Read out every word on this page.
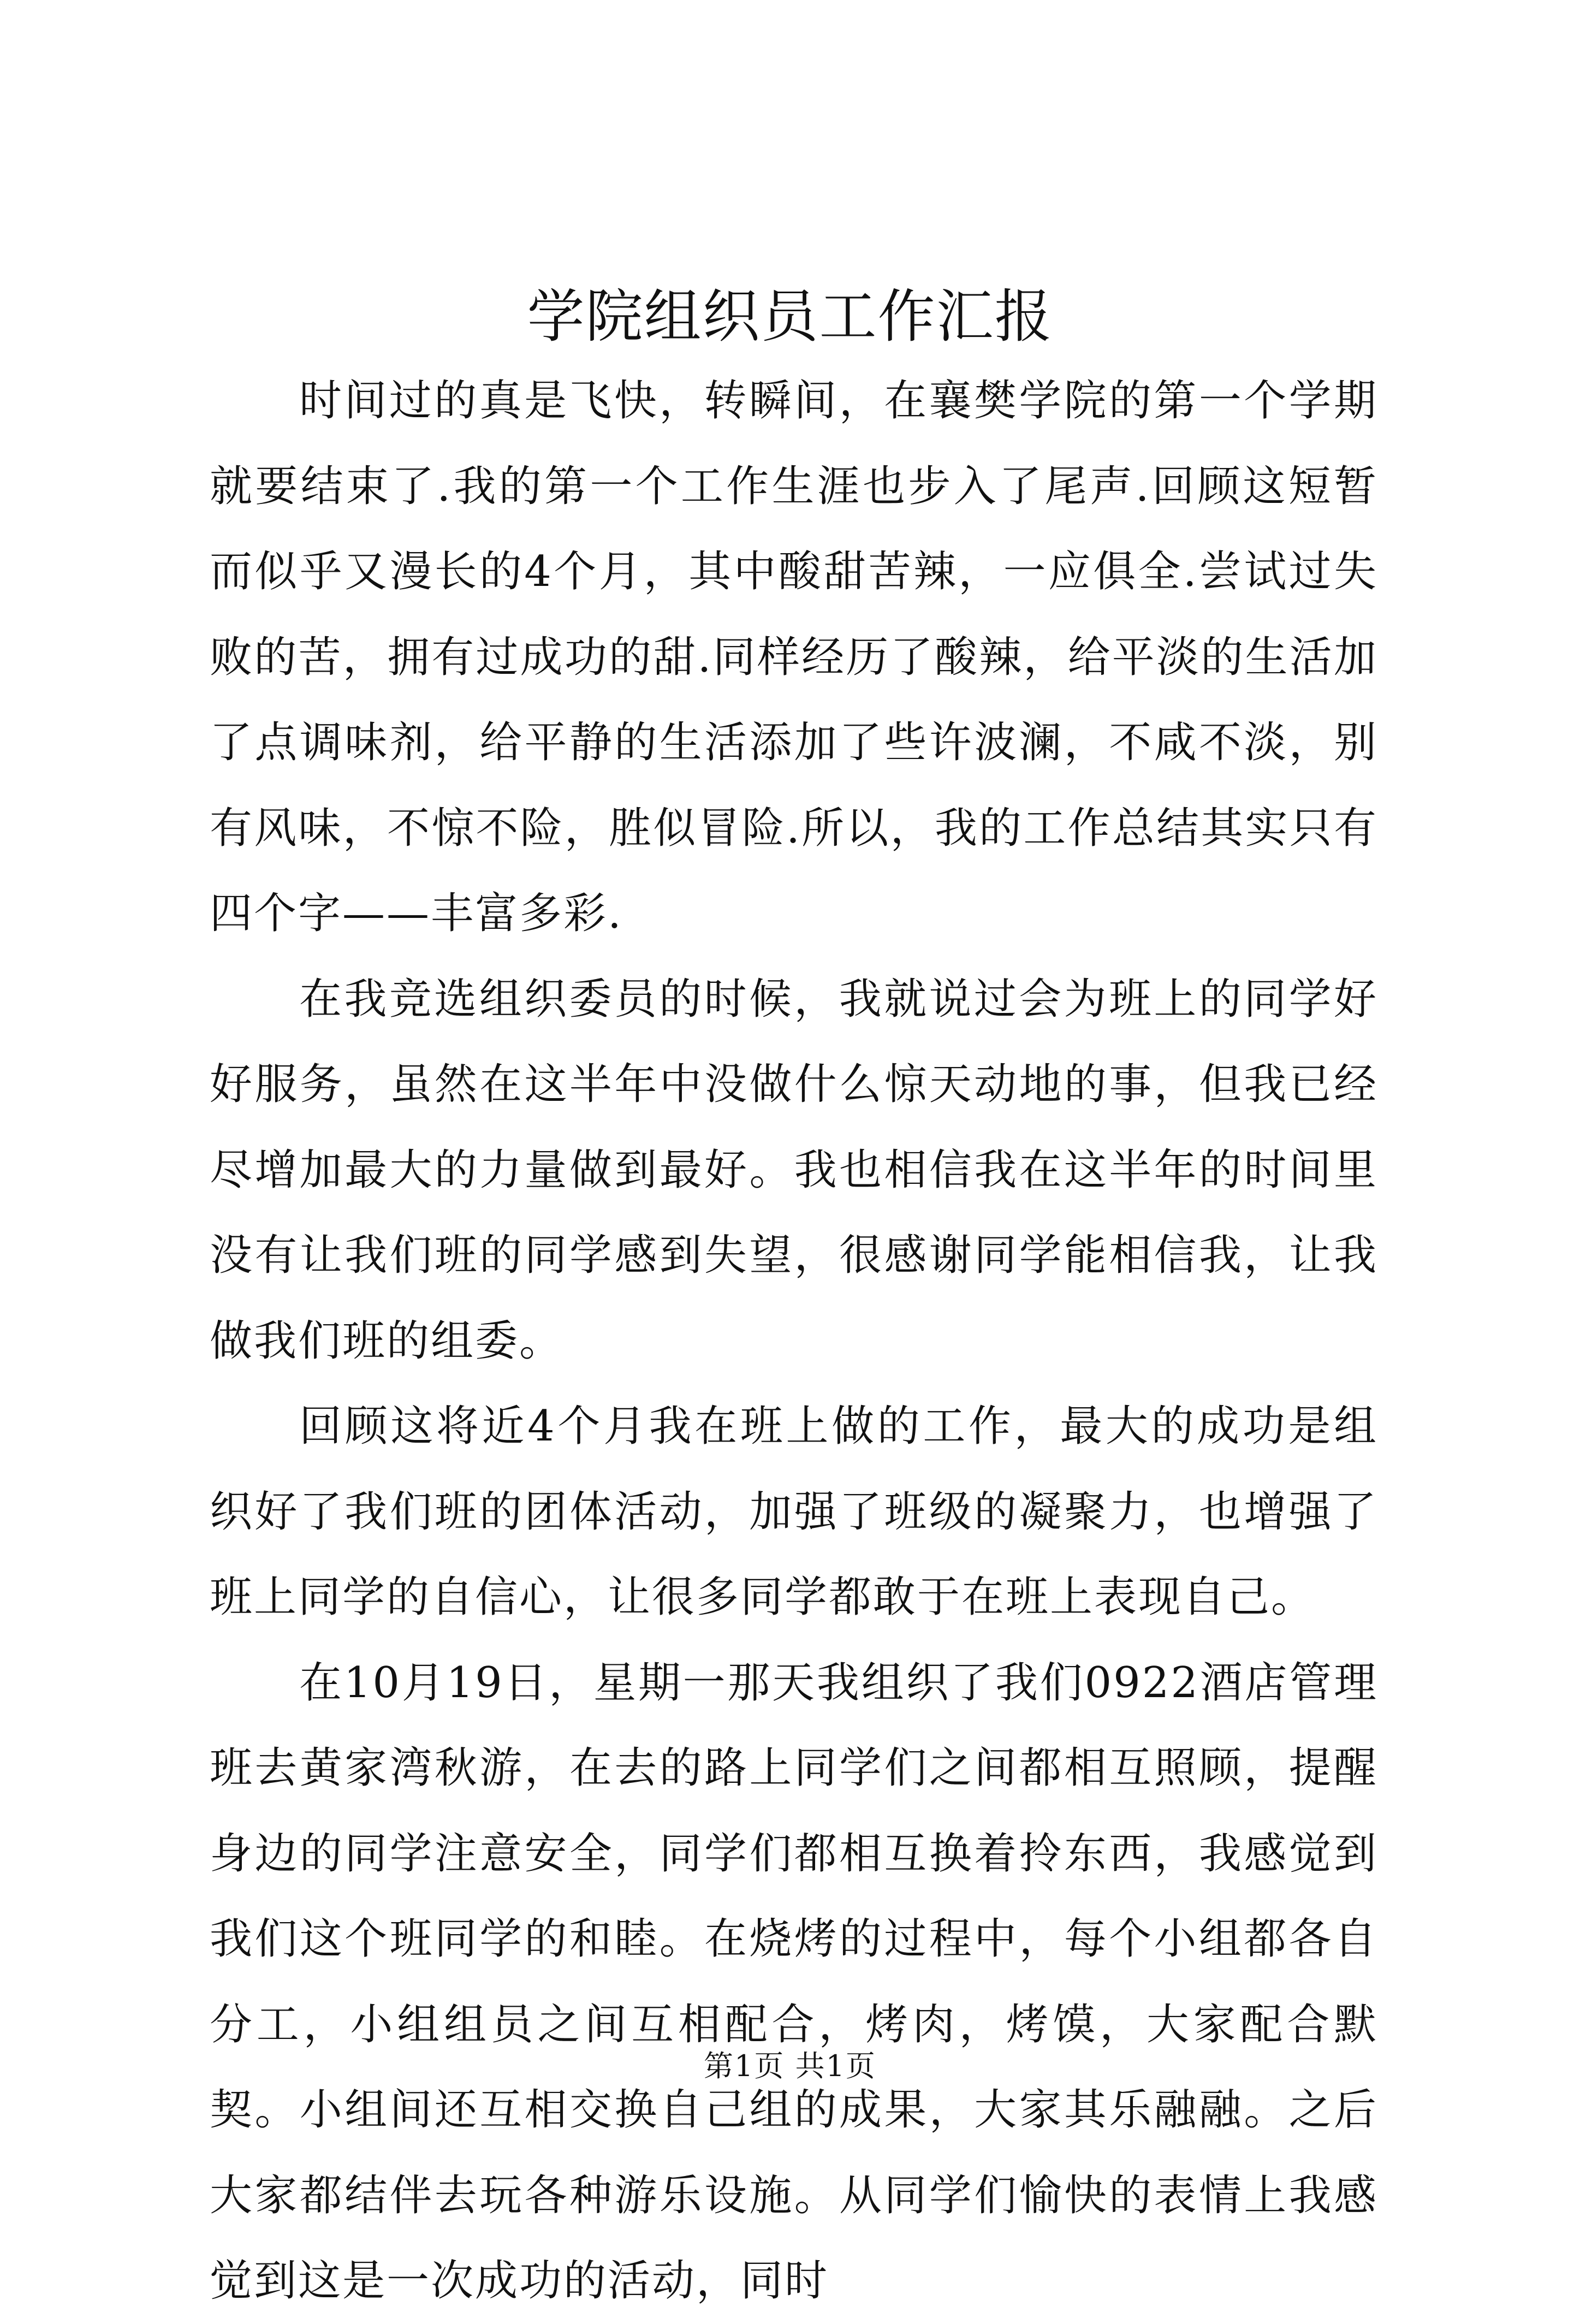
学院组织员工作汇报

时间过的真是飞快，转瞬间，在襄樊学院的第一个学期就要结束了.我的第一个工作生涯也步入了尾声.回顾这短暂而似乎又漫长的4个月，其中酸甜苦辣，一应俱全.尝试过失败的苦，拥有过成功的甜.同样经历了酸辣，给平淡的生活加了点调味剂，给平静的生活添加了些许波澜，不咸不淡，别有风味，不惊不险，胜似冒险.所以，我的工作总结其实只有四个字——丰富多彩.

在我竞选组织委员的时候，我就说过会为班上的同学好好服务，虽然在这半年中没做什么惊天动地的事，但我已经尽增加最大的力量做到最好。我也相信我在这半年的时间里没有让我们班的同学感到失望，很感谢同学能相信我，让我做我们班的组委。

回顾这将近4个月我在班上做的工作，最大的成功是组织好了我们班的团体活动，加强了班级的凝聚力，也增强了班上同学的自信心，让很多同学都敢于在班上表现自己。

在10月19日，星期一那天我组织了我们0922酒店管理班去黄家湾秋游，在去的路上同学们之间都相互照顾，提醒身边的同学注意安全，同学们都相互换着拎东西，我感觉到我们这个班同学的和睦。在烧烤的过程中，每个小组都各自分工，小组组员之间互相配合，烤肉，烤馍，大家配合默契。小组间还互相交换自己组的成果，大家其乐融融。之后大家都结伴去玩各种游乐设施。从同学们愉快的表情上我感觉到这是一次成功的活动，同时

第1页 共1页
